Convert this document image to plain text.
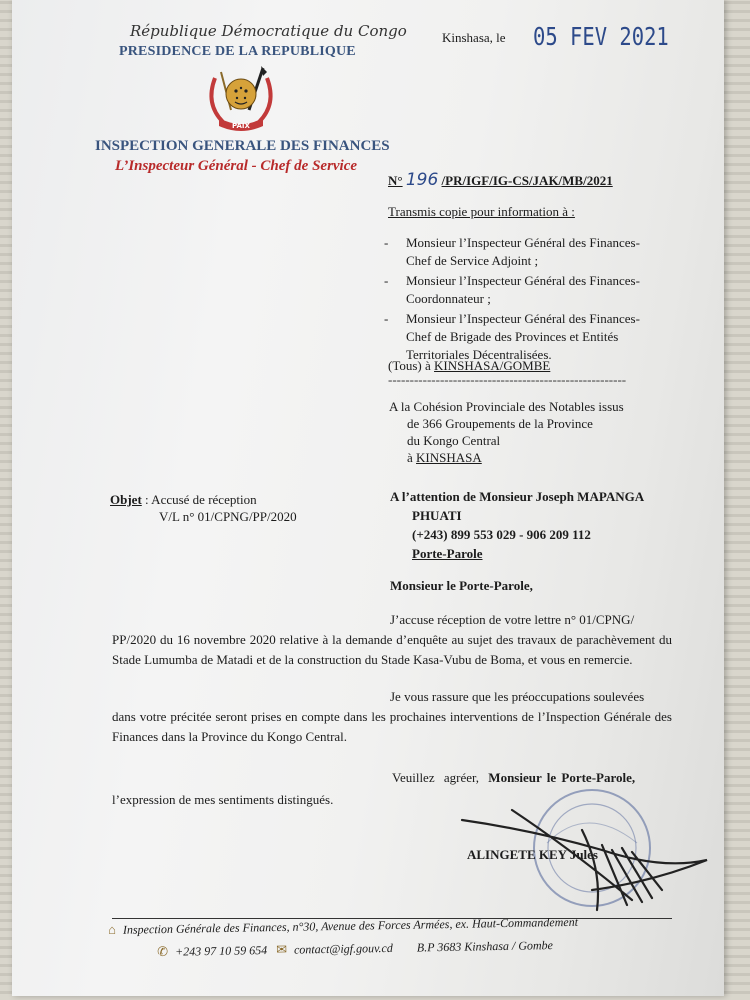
République Démocratique du Congo
PRESIDENCE DE LA REPUBLIQUE
PAIX
INSPECTION GENERALE DES FINANCES
L’Inspecteur Général - Chef de Service
Kinshasa, le 05 FEV 2021
N° 196 /PR/IGF/IG-CS/JAK/MB/2021
Transmis copie pour information à :
-	Monsieur l’Inspecteur Général des Finances-
Chef de Service Adjoint ;
-	Monsieur l’Inspecteur Général des Finances-
Coordonnateur ;
-	Monsieur l’Inspecteur Général des Finances-
Chef de Brigade des Provinces et Entités
Territoriales Décentralisées.
(Tous) à KINSHASA/GOMBE
-------------------------------------------------------
A la Cohésion Provinciale des Notables issus
de 366 Groupements de la Province
du Kongo Central
à KINSHASA
Objet : Accusé de réception
V/L n° 01/CPNG/PP/2020
A l’attention de Monsieur Joseph MAPANGA
PHUATI
(+243) 899 553 029 - 906 209 112
Porte-Parole
Monsieur le Porte-Parole,
J’accuse réception de votre lettre n° 01/CPNG/
PP/2020 du 16 novembre 2020 relative à la demande d’enquête au sujet des travaux de parachèvement du Stade Lumumba de Matadi et de la construction du Stade Kasa-Vubu de Boma, et vous en remercie.
Je vous rassure que les préoccupations soulevées
dans votre précitée seront prises en compte dans les prochaines interventions de l’Inspection Générale des Finances dans la Province du Kongo Central.
Veuillez agréer, Monsieur le Porte-Parole,
l’expression de mes sentiments distingués.
ALINGETE KEY Jules
⌂ Inspection Générale des Finances, n°30, Avenue des Forces Armées, ex. Haut-Commandement
✆ +243 97 10 59 654 ✉ contact@igf.gouv.cd B.P 3683 Kinshasa / Gombe
